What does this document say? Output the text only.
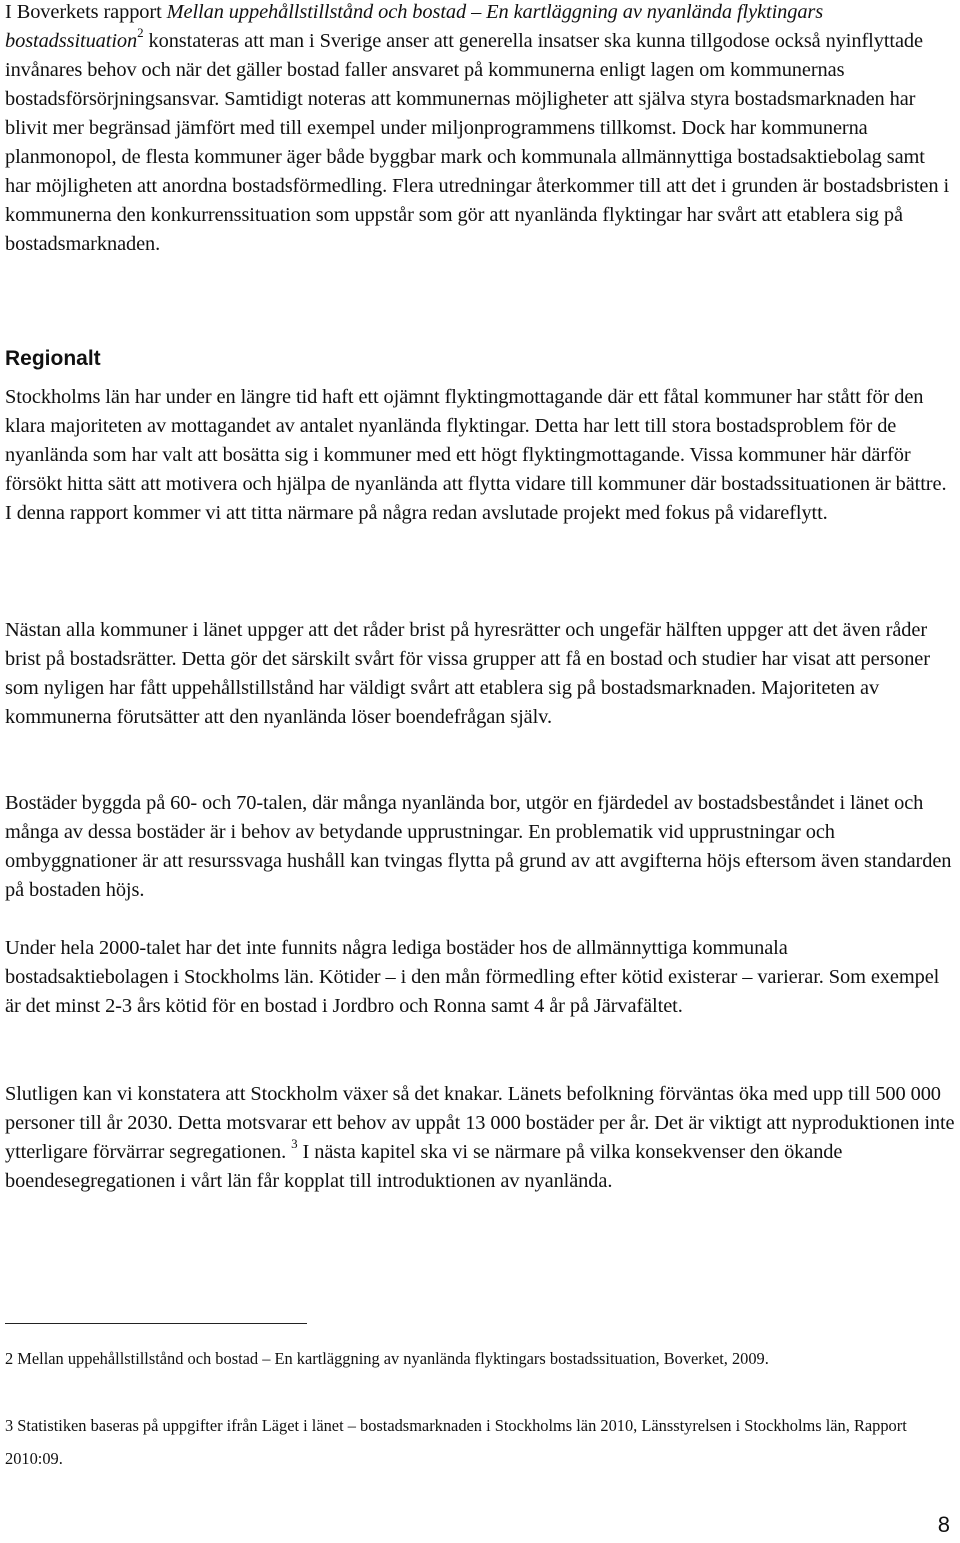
I Boverkets rapport Mellan uppehållstillstånd och bostad – En kartläggning av nyanlända flyktingars bostadssituation$^2$ konstateras att man i Sverige anser att generella insatser ska kunna tillgodose också nyinflyttade invånares behov och när det gäller bostad faller ansvaret på kommunerna enligt lagen om kommunernas bostadsförsörjningsansvar. Samtidigt noteras att kommunernas möjligheter att själva styra bostadsmarknaden har blivit mer begränsad jämfört med till exempel under miljonprogrammens tillkomst. Dock har kommunerna planmonopol, de flesta kommuner äger både byggbar mark och kommunala allmännyttiga bostadsaktiebolag samt har möjligheten att anordna bostadsförmedling. Flera utredningar återkommer till att det i grunden är bostadsbristen i kommunerna den konkurrenssituation som uppstår som gör att nyanlända flyktingar har svårt att etablera sig på bostadsmarknaden.

Regionalt

Stockholms län har under en längre tid haft ett ojämnt flyktingmottagande där ett fåtal kommuner har stått för den klara majoriteten av mottagandet av antalet nyanlända flyktingar. Detta har lett till stora bostadsproblem för de nyanlända som har valt att bosätta sig i kommuner med ett högt flyktingmottagande. Vissa kommuner här därför försökt hitta sätt att motivera och hjälpa de nyanlända att flytta vidare till kommuner där bostadssituationen är bättre. I denna rapport kommer vi att titta närmare på några redan avslutade projekt med fokus på vidareflytt.

Nästan alla kommuner i länet uppger att det råder brist på hyresrätter och ungefär hälften uppger att det även råder brist på bostadsrätter. Detta gör det särskilt svårt för vissa grupper att få en bostad och studier har visat att personer som nyligen har fått uppehållstillstånd har väldigt svårt att etablera sig på bostadsmarknaden. Majoriteten av kommunerna förutsätter att den nyanlända löser boendefrågan själv.

Bostäder byggda på 60- och 70-talen, där många nyanlända bor, utgör en fjärdedel av bostadsbeståndet i länet och många av dessa bostäder är i behov av betydande upprustningar. En problematik vid upprustningar och ombyggnationer är att resurssvaga hushåll kan tvingas flytta på grund av att avgifterna höjs eftersom även standarden på bostaden höjs.

Under hela 2000-talet har det inte funnits några lediga bostäder hos de allmännyttiga kommunala bostadsaktiebolagen i Stockholms län. Kötider – i den mån förmedling efter kötid existerar – varierar. Som exempel är det minst 2-3 års kötid för en bostad i Jordbro och Ronna samt 4 år på Järvafältet.

Slutligen kan vi konstatera att Stockholm växer så det knakar. Länets befolkning förväntas öka med upp till 500 000 personer till år 2030. Detta motsvarar ett behov av uppåt 13 000 bostäder per år. Det är viktigt att nyproduktionen inte ytterligare förvärrar segregationen. $^3$ I nästa kapitel ska vi se närmare på vilka konsekvenser den ökande boendesegregationen i vårt län får kopplat till introduktionen av nyanlända.

2 Mellan uppehållstillstånd och bostad – En kartläggning av nyanlända flyktingars bostadssituation, Boverket, 2009.

3 Statistiken baseras på uppgifter ifrån Läget i länet – bostadsmarknaden i Stockholms län 2010, Länsstyrelsen i Stockholms län, Rapport 2010:09.

8
